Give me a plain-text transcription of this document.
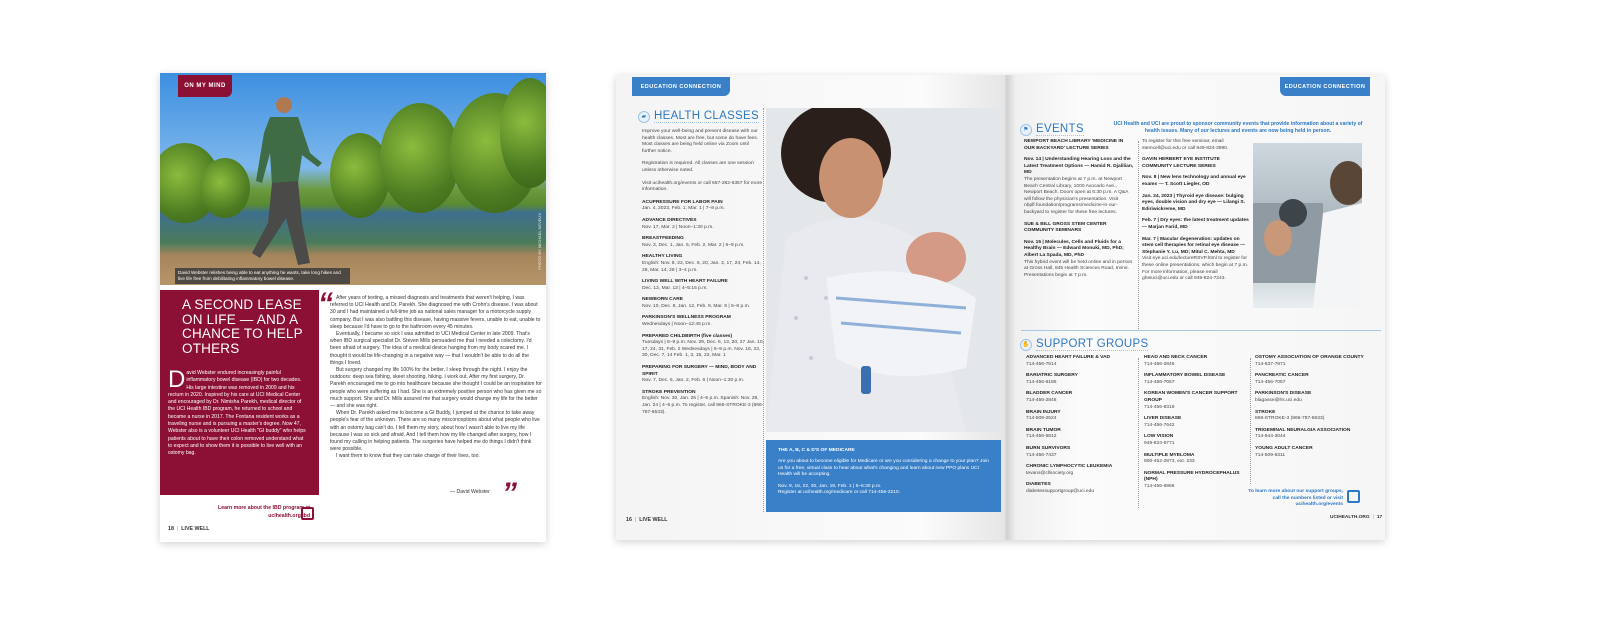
PHOTO BY MICHAEL NEVEUX
David Webster relishes being able to eat anything he wants, take long hikes and live life free from debilitating inflammatory bowel disease.
ON MY MIND
A SECOND LEASE ON LIFE — AND A CHANCE TO HELP OTHERS
D avid Webster endured increasingly painful inflammatory bowel disease (IBD) for two decades. His large intestine was removed in 2009 and his rectum in 2020. Inspired by his care at UCI Medical Center and encouraged by Dr. Nimisha Parekh, medical director of the UCI Health IBD program, he returned to school and became a nurse in 2017. The Fontana resident works as a traveling nurse and is pursuing a master's degree. Now 47, Webster also is a volunteer UCI Health "GI buddy" who helps patients about to have their colon removed understand what to expect and to show them it is possible to live well with an ostomy bag.
“ After years of testing, a missed diagnosis and treatments that weren't helping, I was referred to UCI Health and Dr. Parekh. She diagnosed me with Crohn's disease. I was about 30 and I had maintained a full-time job as national sales manager for a motorcycle supply company. But I was also battling this disease, having massive fevers, unable to eat, unable to sleep because I'd have to go to the bathroom every 45 minutes.

Eventually, I became so sick I was admitted to UCI Medical Center in late 2009. That's when IBD surgical specialist Dr. Steven Mills persuaded me that I needed a colectomy. I'd been afraid of surgery. The idea of a medical device hanging from my body scared me. I thought it would be life-changing in a negative way — that I wouldn't be able to do all the things I loved.

But surgery changed my life 100% for the better. I sleep through the night. I enjoy the outdoors: deep sea fishing, skeet shooting, hiking. I work out. After my first surgery, Dr. Parekh encouraged me to go into healthcare because she thought I could be an inspiration for people who were suffering as I had. She is an extremely positive person who has given me so much support. She and Dr. Mills assured me that surgery would change my life for the better — and she was right.

When Dr. Parekh asked me to become a GI Buddy, I jumped at the chance to take away people's fear of the unknown. There are so many misconceptions about what people who live with an ostomy bag can't do. I tell them my story, about how I wasn't able to live my life because I was so sick and afraid. And I tell them how my life changed after surgery, how I found my calling in helping patients. The surgeries have helped me do things I didn't think were possible.

I want them to know that they can take charge of their lives, too.

— David Webster ”
Learn more about the IBD program at ucihealth.org/ibd
18 | LIVE WELL
EDUCATION CONNECTION
▰ HEALTH CLASSES

Improve your well-being and prevent disease with our health classes. Most are free, but some do have fees. Most classes are being held online via Zoom until further notice.

Registration is required. All classes are one session unless otherwise noted.

Visit ucihealth.org/events or call 657-282-6357 for more information.

ACUPRESSURE FOR LABOR PAIN
Jan. 4, 2023, Feb. 1, Mar. 1 | 7–8 p.m.
ADVANCE DIRECTIVES
Nov. 17, Mar. 2 | Noon–1:30 p.m.
BREASTFEEDING
Nov. 3, Dec. 1, Jan. 5, Feb. 2, Mar. 2 | 6–9 p.m.
HEALTHY LIVING
English: Nov. 8, 22, Dec. 6, 20, Jan. 3, 17, 24, Feb. 14, 28, Mar. 14, 28 | 3–4 p.m.
LIVING WELL WITH HEART FAILURE
Dec. 12, Mar. 13 | 4–5:15 p.m.
NEWBORN CARE
Nov. 10, Dec. 8, Jan. 12, Feb. 9, Mar. 9 | 6–8 p.m.
PARKINSON'S WELLNESS PROGRAM
Wednesdays | Noon–12:45 p.m.
PREPARED CHILDBIRTH (five classes)
Tuesdays | 6–9 p.m. Nov. 29, Dec. 6, 13, 20, 27 Jan. 10, 17, 24, 31, Feb. 2 Wednesdays | 6–9 p.m. Nov. 16, 23, 30, Dec. 7, 14 Feb. 1, 3, 15, 22, Mar. 1
PREPARING FOR SURGERY — MIND, BODY AND SPIRIT
Nov. 7, Dec. 5, Jan. 2, Feb. 6 | Noon–1:30 p.m.
STROKE PREVENTION
English: Nov. 30, Jan. 25 | 4–5 p.m. Spanish: Nov. 29, Jan. 24 | 4–5 p.m. To register, call 866-STROKE-3 (866-787-6533).
THE A, B, C & D'S OF MEDICARE

Are you about to become eligible for Medicare or are you considering a change to your plan? Join us for a free, virtual class to hear about what's changing and learn about new PPO plans UCI Health will be accepting.

Nov. 9, 15, 22, 30, Jan. 18, Feb. 1 | 5–6:30 p.m.
Register at ucihealth.org/medicare or call 714-456-2210.
16 | LIVE WELL
EDUCATION CONNECTION
⚑ EVENTS	UCI Health and UCI are proud to sponsor community events that provide information about a variety of health issues. Many of our lectures and events are now being held in person.
NEWPORT BEACH LIBRARY 'MEDICINE IN OUR BACKYARD' LECTURE SERIES
Nov. 14 | Understanding Hearing Loss and the Latest Treatment Options — Hamid R. Djalilian, MD
The presentation begins at 7 p.m. at Newport Beach Central Library, 1000 Avocado Ave., Newport Beach. Doors open at 6:30 p.m. A Q&A will follow the physician's presentation. Visit nbplf.foundation/programs/medicine-in-our-backyard to register for these free lectures.
SUE & BILL GROSS STEM CENTER COMMUNITY SEMINARS
Nov. 15 | Molecules, Cells and Fluids for a Healthy Brain — Edward Monuki, MD, PhD; Albert La Spada, MD, PhD
This hybrid event will be held online and in person at Gross Hall, 845 Health Sciences Road, Irvine. Presentations begin at 7 p.m.
To register for this free seminar, email stemcell@uci.edu or call 949-824-3990.
GAVIN HERBERT EYE INSTITUTE COMMUNITY LECTURE SERIES
Nov. 8 | New lens technology and annual eye exams — T. Scott Liegler, OD
Jan. 24, 2023 | Thyroid eye disease: bulging eyes, double vision and dry eye — Lilangi S. Ediriwickreme, MD
Feb. 7 | Dry eyes: the latest treatment updates — Marjan Farid, MD
Mar. 7 | Macular degeneration: updates on stem cell therapies for retinal eye disease — Stephanie Y. Lu, MD; Mitul C. Mehta, MD
Visit eye.uci.edu/lectureRSVP.html to register for these online presentations, which begin at 7 p.m. For more information, please email gheiuci@uci.edu or call 949-824-7243.
✋ SUPPORT GROUPS
ADVANCED HEART FAILURE & VAD
714-456-7514
BARIATRIC SURGERY
714-456-6185
BLADDER CANCER
714-456-2846
BRAIN INJURY
714-509-2524
BRAIN TUMOR
714-456-5812
BURN SURVIVORS
714-456-7437
CHRONIC LYMPHOCYTIC LEUKEMIA
tevans@cllsociety.org
DIABETES
diabetessupportgroup@uci.edu
HEAD AND NECK CANCER
714-456-2846
INFLAMMATORY BOWEL DISEASE
714-456-7057
KOREAN WOMEN'S CANCER SUPPORT GROUP
714-456-8319
LIVER DISEASE
714-456-7642
LOW VISION
949-824-9771
MULTIPLE MYELOMA
800-452-2873, ext. 233
NORMAL PRESSURE HYDROCEPHALUS (NPH)
714-456-6966
OSTOMY ASSOCIATION OF ORANGE COUNTY
714-637-7971
PANCREATIC CANCER
714-456-7057
PARKINSON'S DISEASE
blagasse@hs.uci.edu
STROKE
866-STROKE-3 (866-787-6533)
TRIGEMINAL NEURALGIA ASSOCIATION
714-944-3044
YOUNG ADULT CANCER
714-509-6311
To learn more about our support groups, call the numbers listed or visit ucihealth.org/events
UCIHEALTH.ORG | 17
